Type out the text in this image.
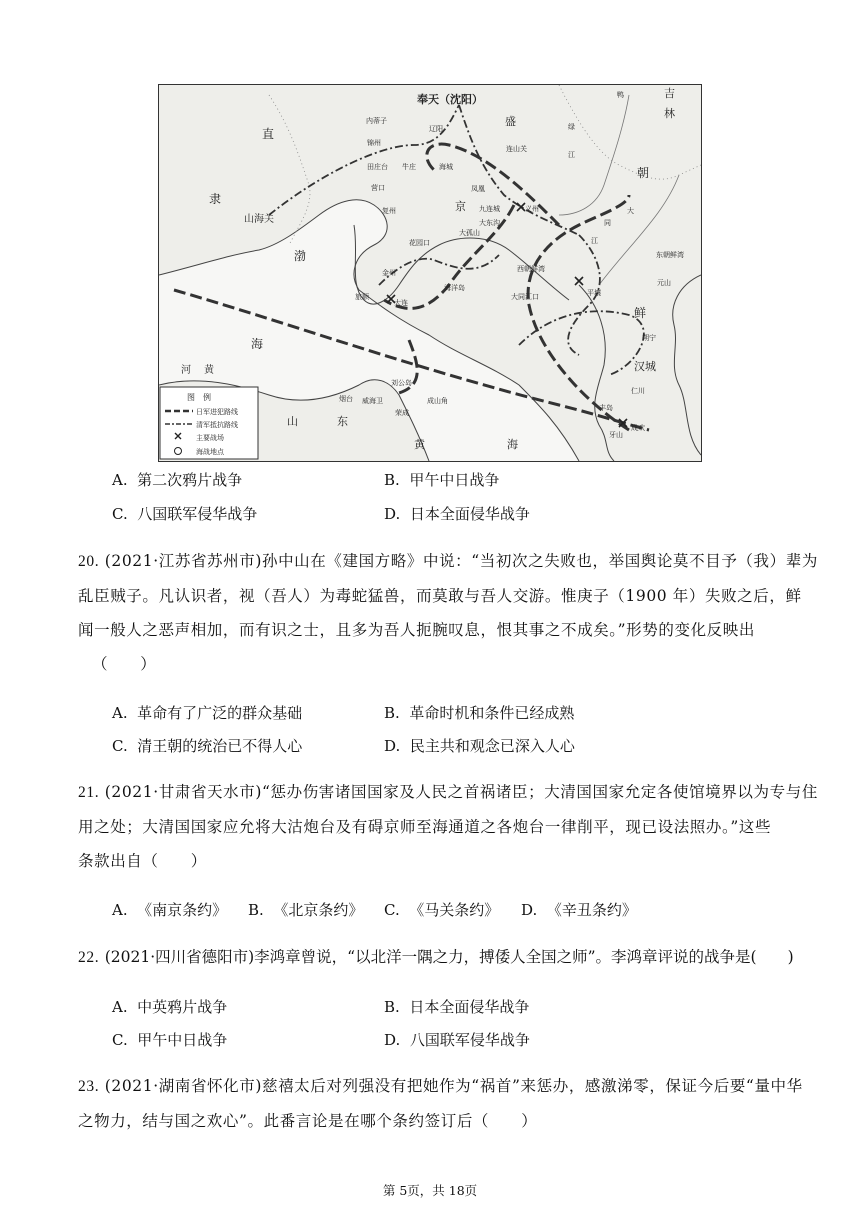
奉天（沈阳）	吉
林
直
隶
山海关
盛
京
渤
海
河 黄
山	东
朝
鲜
黄	海
内蒂子
辽阳
锦州
田庄台 牛庄	海城
营口
连山关
凤凰
九连城	义州
大东沟
大孤山
复州
花园口
金州
旅顺
大连
海洋岛
西朝鲜湾
大同江口	平壤
元山
东朝鲜湾
朔宁
汉城
仁川
牙山
成欢
丰岛
烟台 威海卫
刘公岛
荣成
成山角
鸭
绿
江
大
同
江
图　例
日军进犯路线
清军抵抗路线
主要战场
海战地点
A. 第二次鸦片战争	B. 甲午中日战争
C. 八国联军侵华战争	D. 日本全面侵华战争
20. (2021·江苏省苏州市)孙中山在《建国方略》中说：“当初次之失败也，举国舆论莫不目予（我）辈为
乱臣贼子。凡认识者，视（吾人）为毒蛇猛兽，而莫敢与吾人交游。惟庚子（1900 年）失败之后，鲜
闻一般人之恶声相加，而有识之士，且多为吾人扼腕叹息，恨其事之不成矣。”形势的变化反映出
（　　）
A. 革命有了广泛的群众基础	B. 革命时机和条件已经成熟
C. 清王朝的统治已不得人心	D. 民主共和观念已深入人心
21. (2021·甘肃省天水市)“惩办伤害诸国国家及人民之首祸诸臣；大清国国家允定各使馆境界以为专与住
用之处；大清国国家应允将大沽炮台及有碍京师至海通道之各炮台一律削平，现已设法照办。”这些
条款出自（　　）
A. 《南京条约》 B. 《北京条约》 C. 《马关条约》 D. 《辛丑条约》
22. (2021·四川省德阳市)李鸿章曾说，“以北洋一隅之力，搏倭人全国之师”。李鸿章评说的战争是(　　)
A. 中英鸦片战争	B. 日本全面侵华战争
C. 甲午中日战争	D. 八国联军侵华战争
23. (2021·湖南省怀化市)慈禧太后对列强没有把她作为“祸首”来惩办，感激涕零，保证今后要“量中华
之物力，结与国之欢心”。此番言论是在哪个条约签订后（　　）
第 5页，共 18页
